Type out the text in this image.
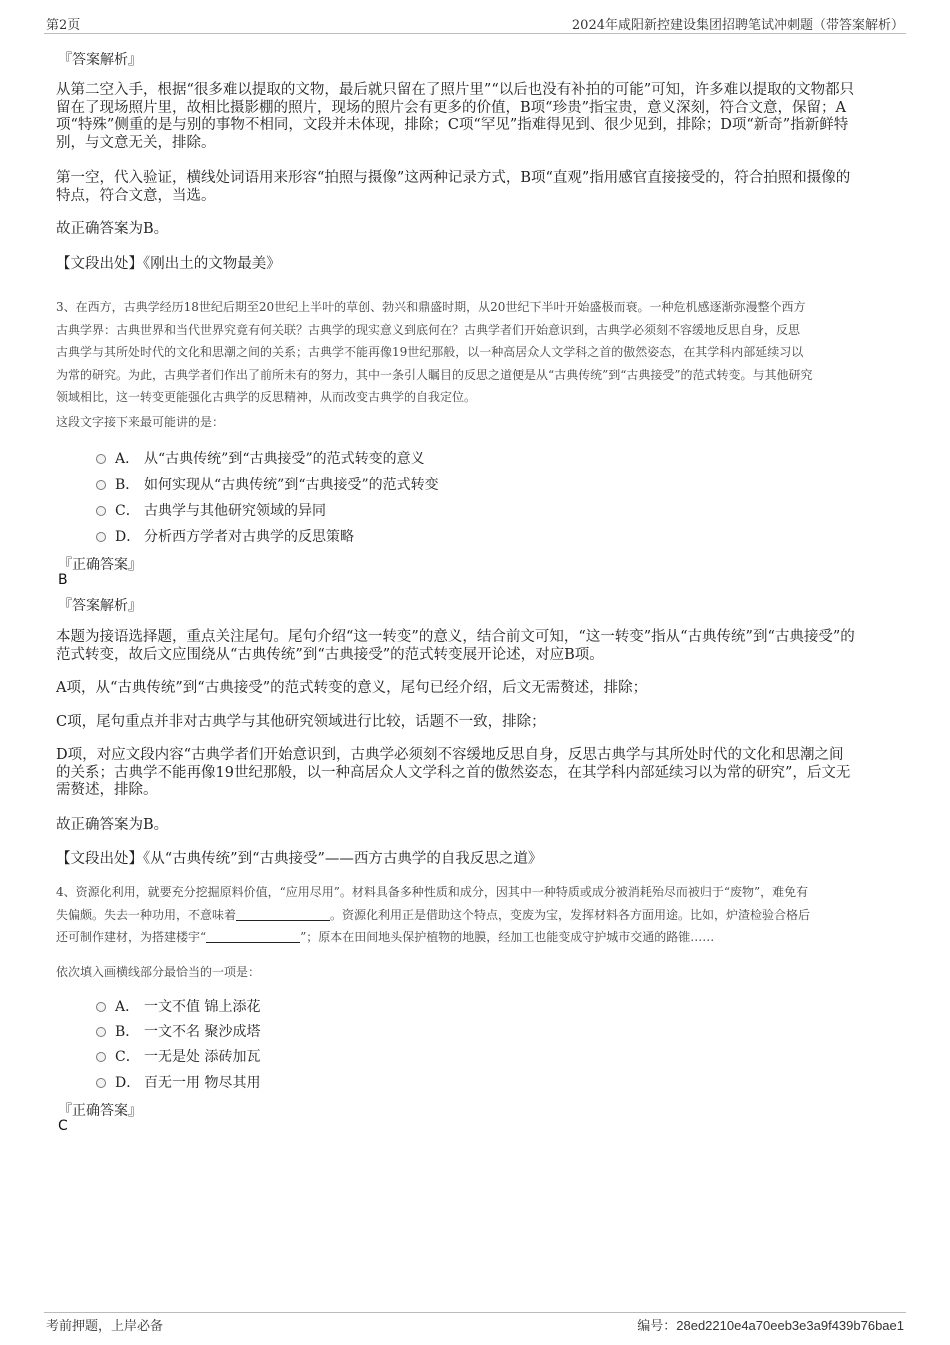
第2页	2024年咸阳新控建设集团招聘笔试冲刺题（带答案解析）
『答案解析』
从第二空入手，根据“很多难以提取的文物，最后就只留在了照片里”“以后也没有补拍的可能”可知，许多难以提取的文物都只
留在了现场照片里，故相比摄影棚的照片，现场的照片会有更多的价值，B项“珍贵”指宝贵，意义深刻，符合文意，保留；A
项“特殊”侧重的是与别的事物不相同，文段并未体现，排除；C项“罕见”指难得见到、很少见到，排除；D项“新奇”指新鲜特
别，与文意无关，排除。
第一空，代入验证，横线处词语用来形容“拍照与摄像”这两种记录方式，B项“直观”指用感官直接接受的，符合拍照和摄像的
特点，符合文意，当选。
故正确答案为B。
【文段出处】《刚出土的文物最美》
3、在西方，古典学经历18世纪后期至20世纪上半叶的草创、勃兴和鼎盛时期，从20世纪下半叶开始盛极而衰。一种危机感逐渐弥漫整个西方
古典学界：古典世界和当代世界究竟有何关联？古典学的现实意义到底何在？古典学者们开始意识到，古典学必须刻不容缓地反思自身，反思
古典学与其所处时代的文化和思潮之间的关系；古典学不能再像19世纪那般，以一种高居众人文学科之首的傲然姿态，在其学科内部延续习以
为常的研究。为此，古典学者们作出了前所未有的努力，其中一条引人瞩目的反思之道便是从“古典传统”到“古典接受”的范式转变。与其他研究
领域相比，这一转变更能强化古典学的反思精神，从而改变古典学的自我定位。
这段文字接下来最可能讲的是：
A． 从“古典传统”到“古典接受”的范式转变的意义
B． 如何实现从“古典传统”到“古典接受”的范式转变
C． 古典学与其他研究领域的异同
D． 分析西方学者对古典学的反思策略
『正确答案』
B
『答案解析』
本题为接语选择题，重点关注尾句。尾句介绍“这一转变”的意义，结合前文可知，“这一转变”指从“古典传统”到“古典接受”的
范式转变，故后文应围绕从“古典传统”到“古典接受”的范式转变展开论述，对应B项。
A项，从“古典传统”到“古典接受”的范式转变的意义，尾句已经介绍，后文无需赘述，排除；
C项，尾句重点并非对古典学与其他研究领域进行比较，话题不一致，排除；
D项，对应文段内容“古典学者们开始意识到，古典学必须刻不容缓地反思自身，反思古典学与其所处时代的文化和思潮之间
的关系；古典学不能再像19世纪那般，以一种高居众人文学科之首的傲然姿态，在其学科内部延续习以为常的研究”，后文无
需赘述，排除。
故正确答案为B。
【文段出处】《从“古典传统”到“古典接受”——西方古典学的自我反思之道》
4、资源化利用，就要充分挖掘原料价值，“应用尽用”。材料具备多种性质和成分，因其中一种特质或成分被消耗殆尽而被归于“废物”，难免有
失偏颇。失去一种功用，不意味着	。资源化利用正是借助这个特点，变废为宝，发挥材料各方面用途。比如，炉渣检验合格后
还可制作建材，为搭建楼宇“	”；原本在田间地头保护植物的地膜，经加工也能变成守护城市交通的路锥……
依次填入画横线部分最恰当的一项是：
A． 一文不值 锦上添花
B． 一文不名 聚沙成塔
C． 一无是处 添砖加瓦
D． 百无一用 物尽其用
『正确答案』
C
考前押题，上岸必备	编号：28ed2210e4a70eeb3e3a9f439b76bae1
